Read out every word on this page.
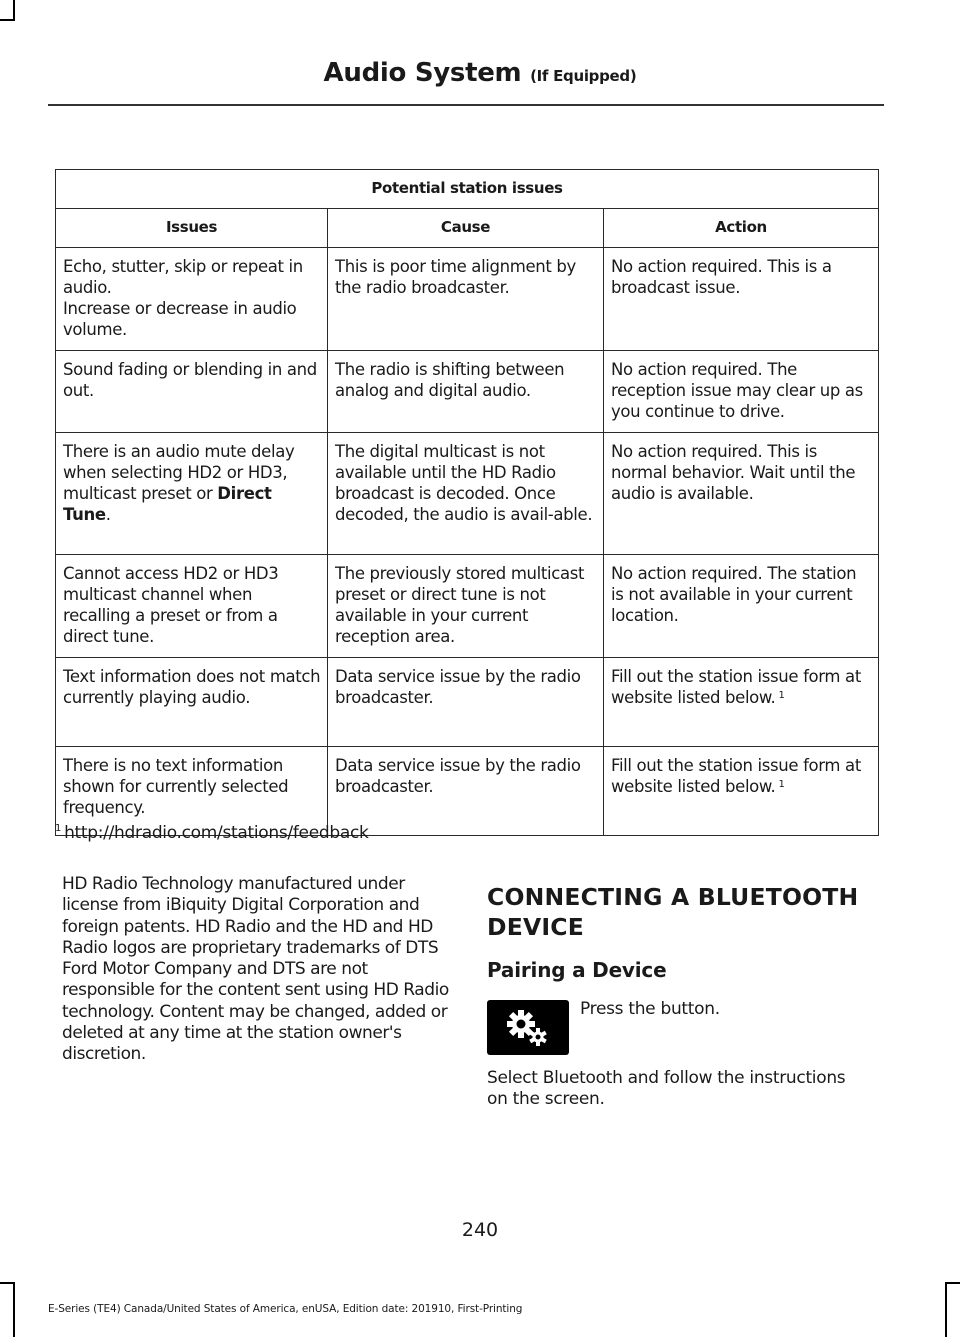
Audio System (If Equipped)
Potential station issues		
Issues	Cause	Action

Echo, stutter, skip or repeat in audio.
Increase or decrease in audio volume.	This is poor time alignment by the radio broadcaster.	No action required. This is a broadcast issue.
Sound fading or blending in and out.	The radio is shifting between analog and digital audio.	No action required. The reception issue may clear up as you continue to drive.
There is an audio mute delay when selecting HD2 or HD3, multicast preset or Direct Tune.	The digital multicast is not available until the HD Radio broadcast is decoded. Once decoded, the audio is avail-able.	No action required. This is normal behavior. Wait until the audio is available.
Cannot access HD2 or HD3 multicast channel when recalling a preset or from a direct tune.	The previously stored multicast preset or direct tune is not available in your current reception area.	No action required. The station is not available in your current location.
Text information does not match currently playing audio.	Data service issue by the radio broadcaster.	Fill out the station issue form at website listed below. $^1$
There is no text information shown for currently selected frequency.	Data service issue by the radio broadcaster.	Fill out the station issue form at website listed below. $^1$
$^1$ http://hdradio.com/stations/feedback
HD Radio Technology manufactured under license from iBiquity Digital Corporation and foreign patents. HD Radio and the HD and HD Radio logos are proprietary trademarks of DTS Ford Motor Company and DTS are not responsible for the content sent using HD Radio technology. Content may be changed, added or deleted at any time at the station owner's discretion.
CONNECTING A BLUETOOTH DEVICE
Pairing a Device
Press the button.
Select Bluetooth and follow the instructions on the screen.
240
E-Series (TE4) Canada/United States of America, enUSA, Edition date: 201910, First-Printing
